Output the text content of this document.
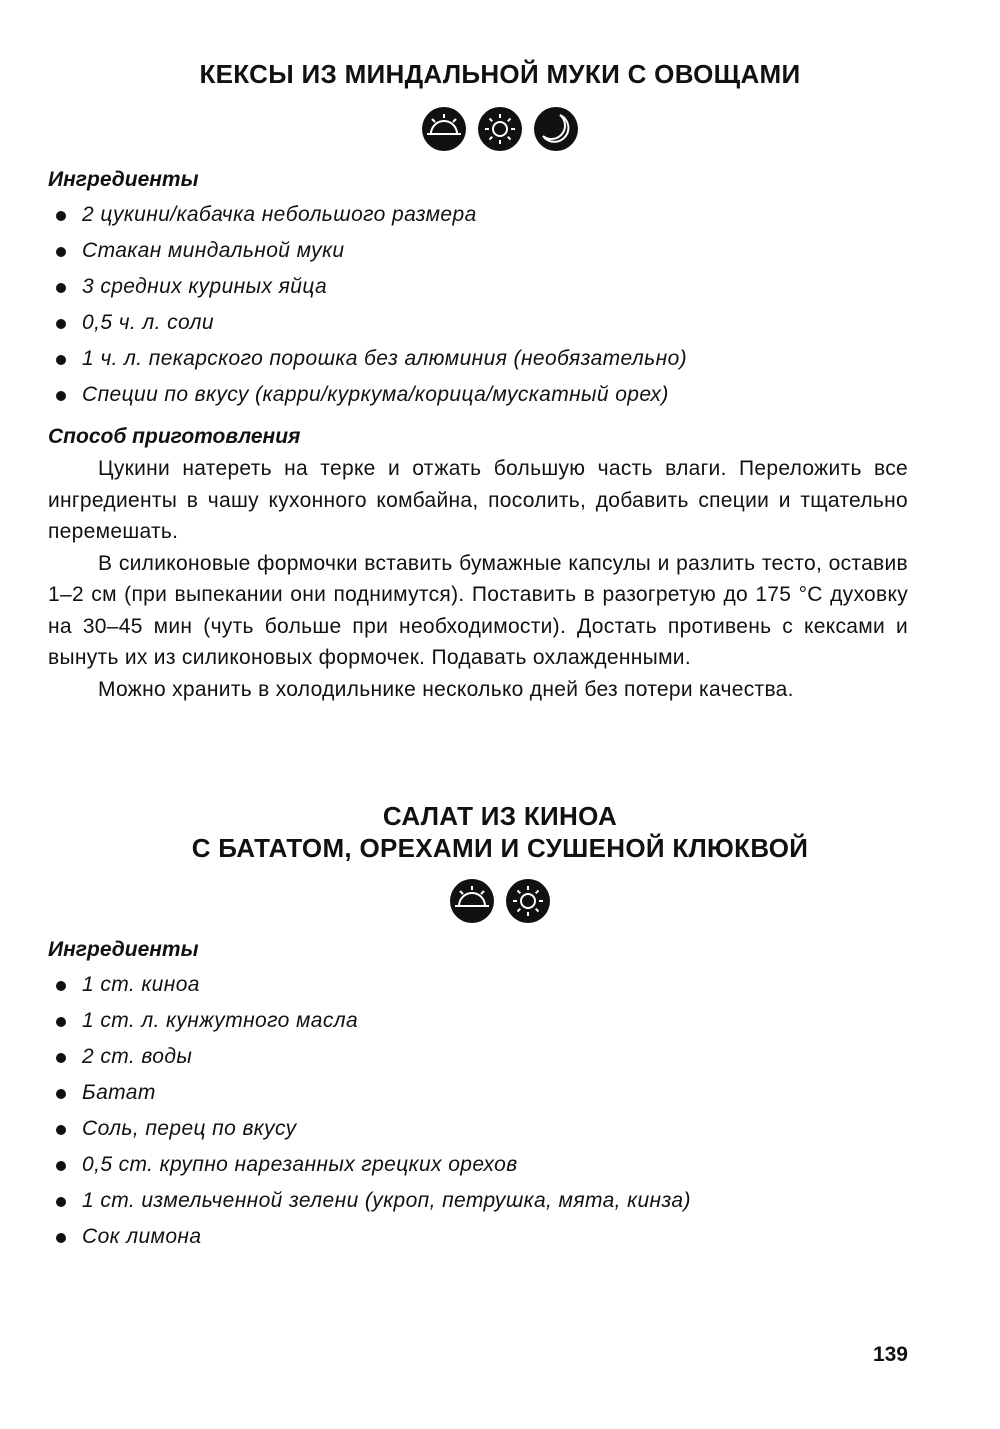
КЕКСЫ ИЗ МИНДАЛЬНОЙ МУКИ С ОВОЩАМИ
Ингредиенты
2 цукини/кабачка небольшого размера
Стакан миндальной муки
3 средних куриных яйца
0,5 ч. л. соли
1 ч. л. пекарского порошка без алюминия (необязательно)
Специи по вкусу (карри/куркума/корица/мускатный орех)
Способ приготовления

Цукини натереть на терке и отжать большую часть влаги. Переложить все ингредиенты в чашу кухонного комбайна, посолить, добавить специи и тщательно перемешать.

В силиконовые формочки вставить бумажные капсулы и разлить тесто, оставив 1–2 см (при выпекании они поднимутся). Поставить в разогретую до 175 °С духовку на 30–45 мин (чуть больше при необходимости). Достать противень с кексами и вынуть их из силиконовых формочек. Подавать охлажденными.

Можно хранить в холодильнике несколько дней без потери качества.

САЛАТ ИЗ КИНОА
С БАТАТОМ, ОРЕХАМИ И СУШЕНОЙ КЛЮКВОЙ
Ингредиенты
1 ст. киноа
1 ст. л. кунжутного масла
2 ст. воды
Батат
Соль, перец по вкусу
0,5 ст. крупно нарезанных грецких орехов
1 ст. измельченной зелени (укроп, петрушка, мята, кинза)
Сок лимона
139
